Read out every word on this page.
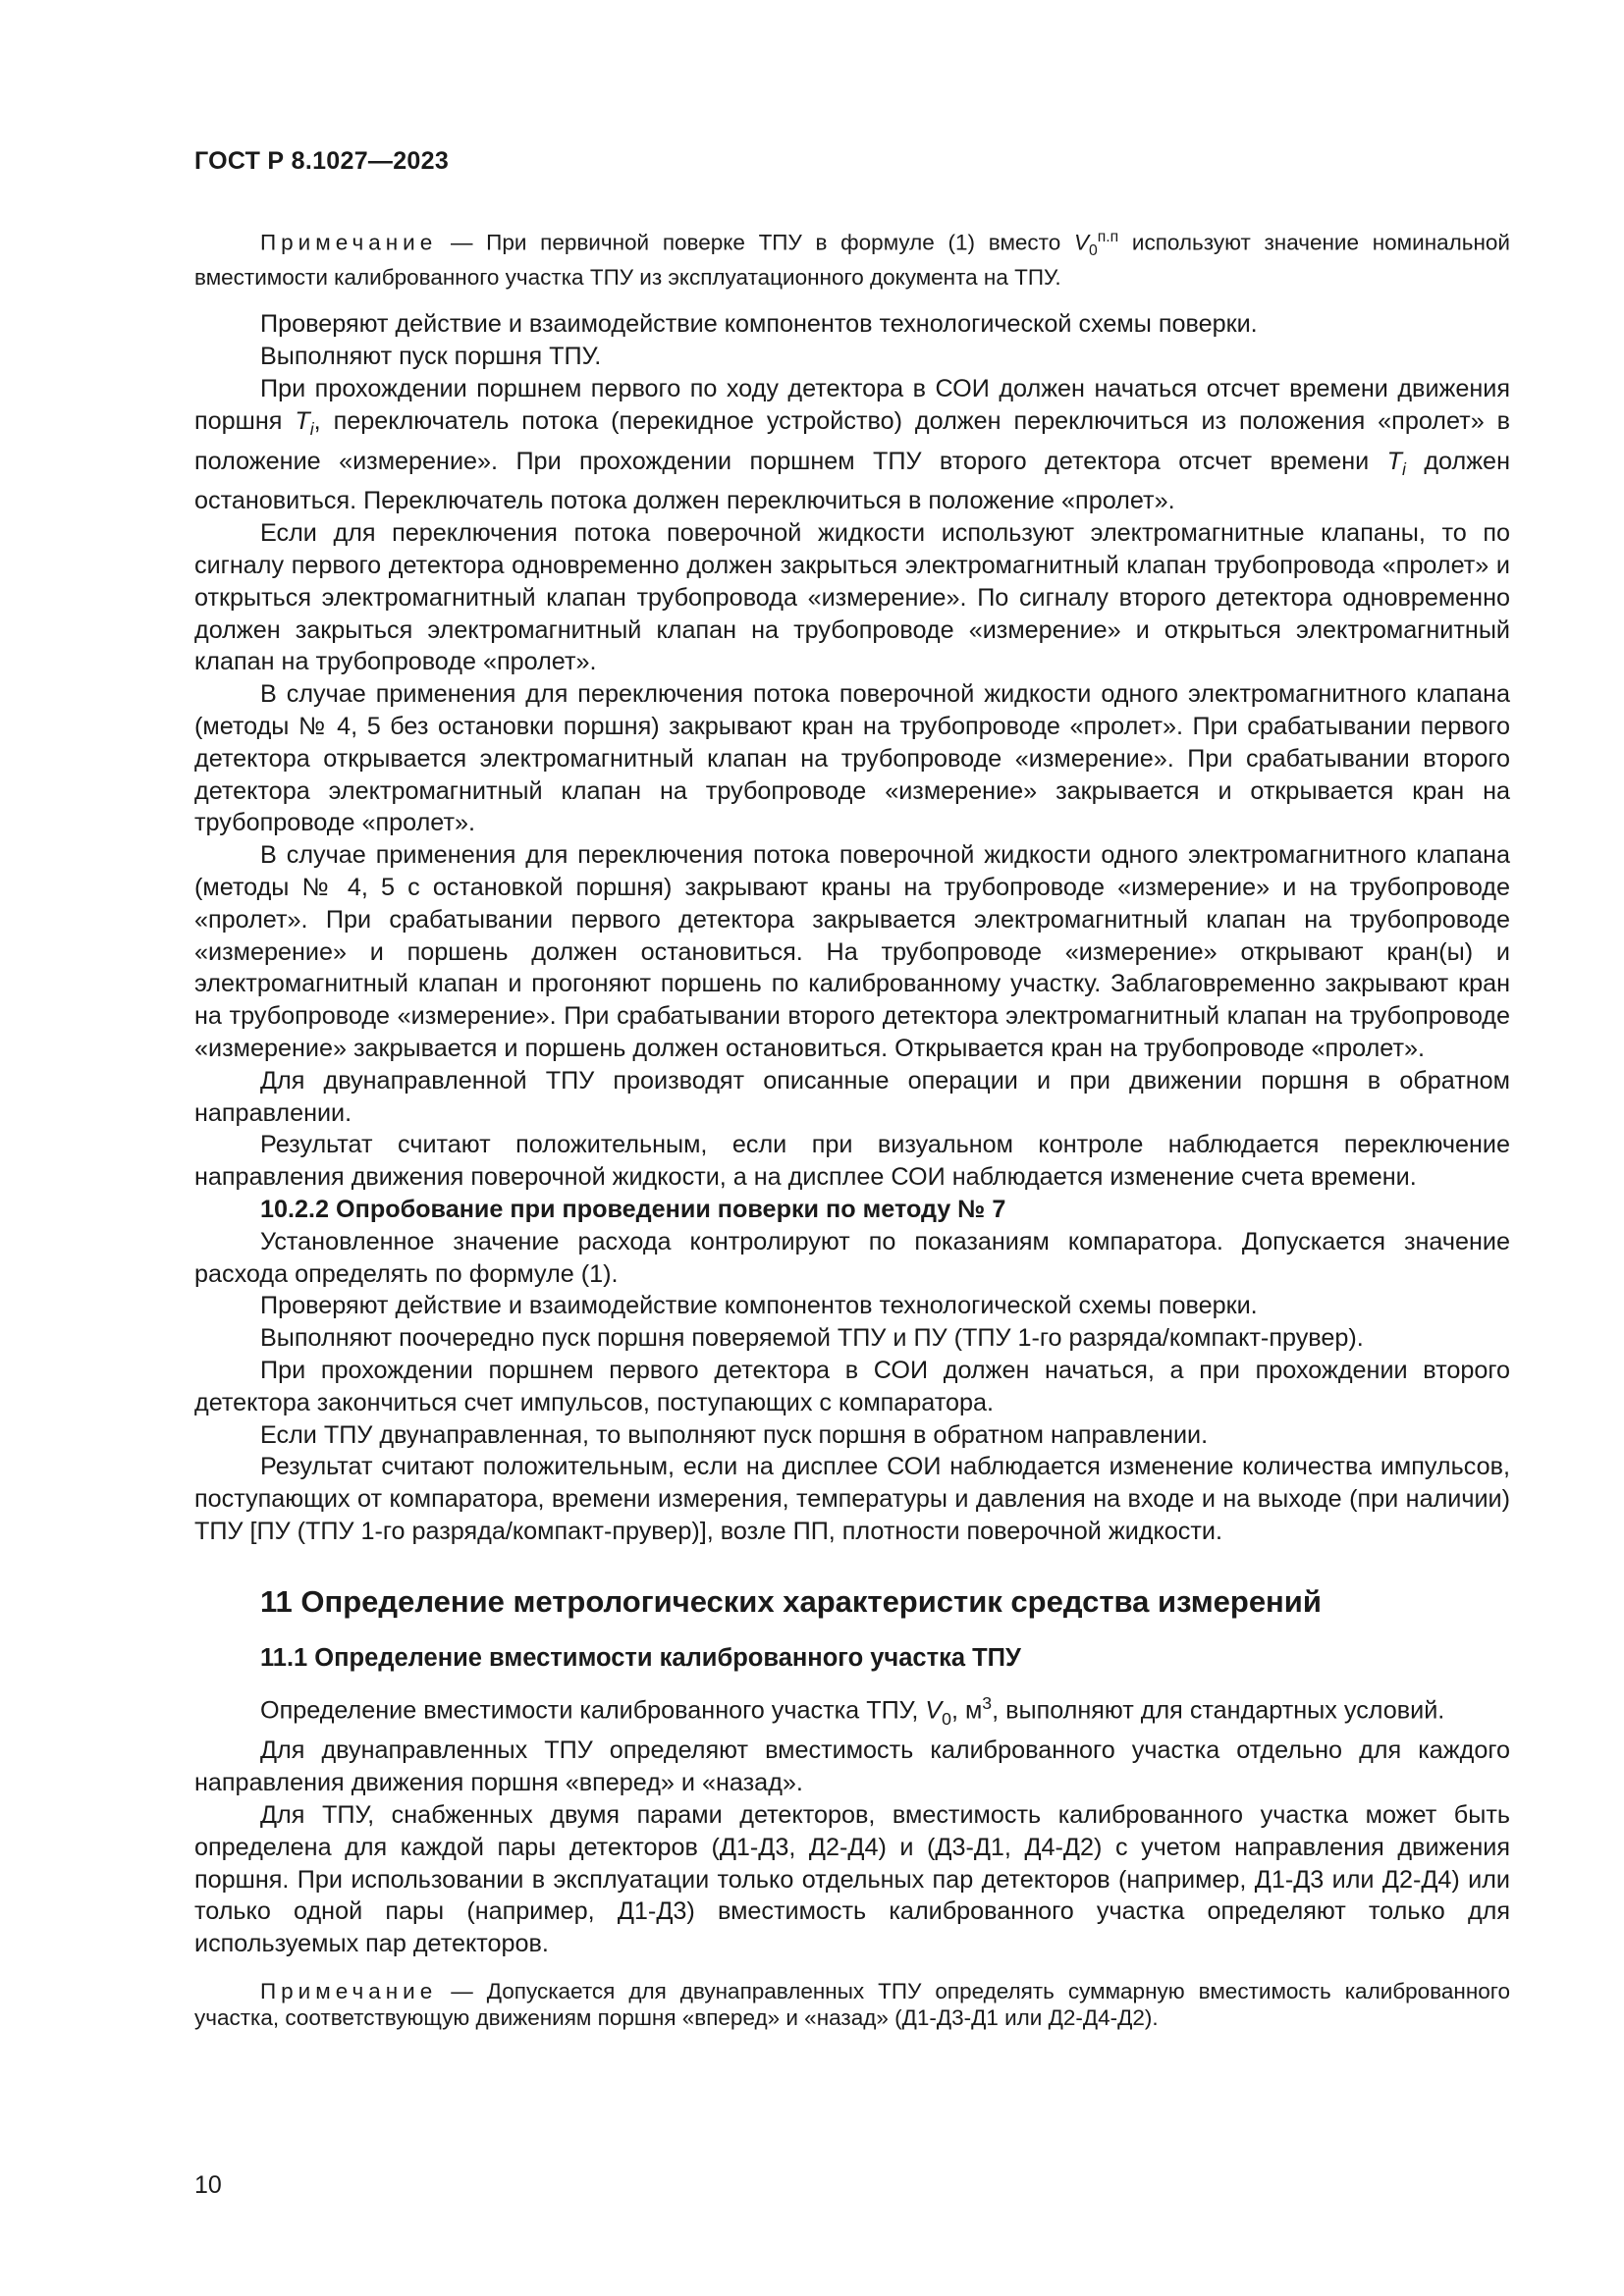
ГОСТ Р 8.1027—2023

Примечание — При первичной поверке ТПУ в формуле (1) вместо $V_0^{п.п}$ используют значение номинальной вместимости калиброванного участка ТПУ из эксплуатационного документа на ТПУ.

Проверяют действие и взаимодействие компонентов технологической схемы поверки.

Выполняют пуск поршня ТПУ.

При прохождении поршнем первого по ходу детектора в СОИ должен начаться отсчет времени движения поршня $T_i$, переключатель потока (перекидное устройство) должен переключиться из положения «пролет» в положение «измерение». При прохождении поршнем ТПУ второго детектора отсчет времени $T_i$ должен остановиться. Переключатель потока должен переключиться в положение «пролет».

Если для переключения потока поверочной жидкости используют электромагнитные клапаны, то по сигналу первого детектора одновременно должен закрыться электромагнитный клапан трубопровода «пролет» и открыться электромагнитный клапан трубопровода «измерение». По сигналу второго детектора одновременно должен закрыться электромагнитный клапан на трубопроводе «измерение» и открыться электромагнитный клапан на трубопроводе «пролет».

В случае применения для переключения потока поверочной жидкости одного электромагнитного клапана (методы № 4, 5 без остановки поршня) закрывают кран на трубопроводе «пролет». При срабатывании первого детектора открывается электромагнитный клапан на трубопроводе «измерение». При срабатывании второго детектора электромагнитный клапан на трубопроводе «измерение» закрывается и открывается кран на трубопроводе «пролет».

В случае применения для переключения потока поверочной жидкости одного электромагнитного клапана (методы № 4, 5 с остановкой поршня) закрывают краны на трубопроводе «измерение» и на трубопроводе «пролет». При срабатывании первого детектора закрывается электромагнитный клапан на трубопроводе «измерение» и поршень должен остановиться. На трубопроводе «измерение» открывают кран(ы) и электромагнитный клапан и прогоняют поршень по калиброванному участку. Заблаговременно закрывают кран на трубопроводе «измерение». При срабатывании второго детектора электромагнитный клапан на трубопроводе «измерение» закрывается и поршень должен остановиться. Открывается кран на трубопроводе «пролет».

Для двунаправленной ТПУ производят описанные операции и при движении поршня в обратном направлении.

Результат считают положительным, если при визуальном контроле наблюдается переключение направления движения поверочной жидкости, а на дисплее СОИ наблюдается изменение счета времени.

10.2.2 Опробование при проведении поверки по методу № 7

Установленное значение расхода контролируют по показаниям компаратора. Допускается значение расхода определять по формуле (1).

Проверяют действие и взаимодействие компонентов технологической схемы поверки.

Выполняют поочередно пуск поршня поверяемой ТПУ и ПУ (ТПУ 1-го разряда/компакт-прувер).

При прохождении поршнем первого детектора в СОИ должен начаться, а при прохождении второго детектора закончиться счет импульсов, поступающих с компаратора.

Если ТПУ двунаправленная, то выполняют пуск поршня в обратном направлении.

Результат считают положительным, если на дисплее СОИ наблюдается изменение количества импульсов, поступающих от компаратора, времени измерения, температуры и давления на входе и на выходе (при наличии) ТПУ [ПУ (ТПУ 1-го разряда/компакт-прувер)], возле ПП, плотности поверочной жидкости.

11 Определение метрологических характеристик средства измерений

11.1 Определение вместимости калиброванного участка ТПУ

Определение вместимости калиброванного участка ТПУ, $V_0$, $м^3$, выполняют для стандартных условий.

Для двунаправленных ТПУ определяют вместимость калиброванного участка отдельно для каждого направления движения поршня «вперед» и «назад».

Для ТПУ, снабженных двумя парами детекторов, вместимость калиброванного участка может быть определена для каждой пары детекторов (Д1-Д3, Д2-Д4) и (Д3-Д1, Д4-Д2) с учетом направления движения поршня. При использовании в эксплуатации только отдельных пар детекторов (например, Д1-Д3 или Д2-Д4) или только одной пары (например, Д1-Д3) вместимость калиброванного участка определяют только для используемых пар детекторов.

Примечание — Допускается для двунаправленных ТПУ определять суммарную вместимость калиброванного участка, соответствующую движениям поршня «вперед» и «назад» (Д1-Д3-Д1 или Д2-Д4-Д2).

10
